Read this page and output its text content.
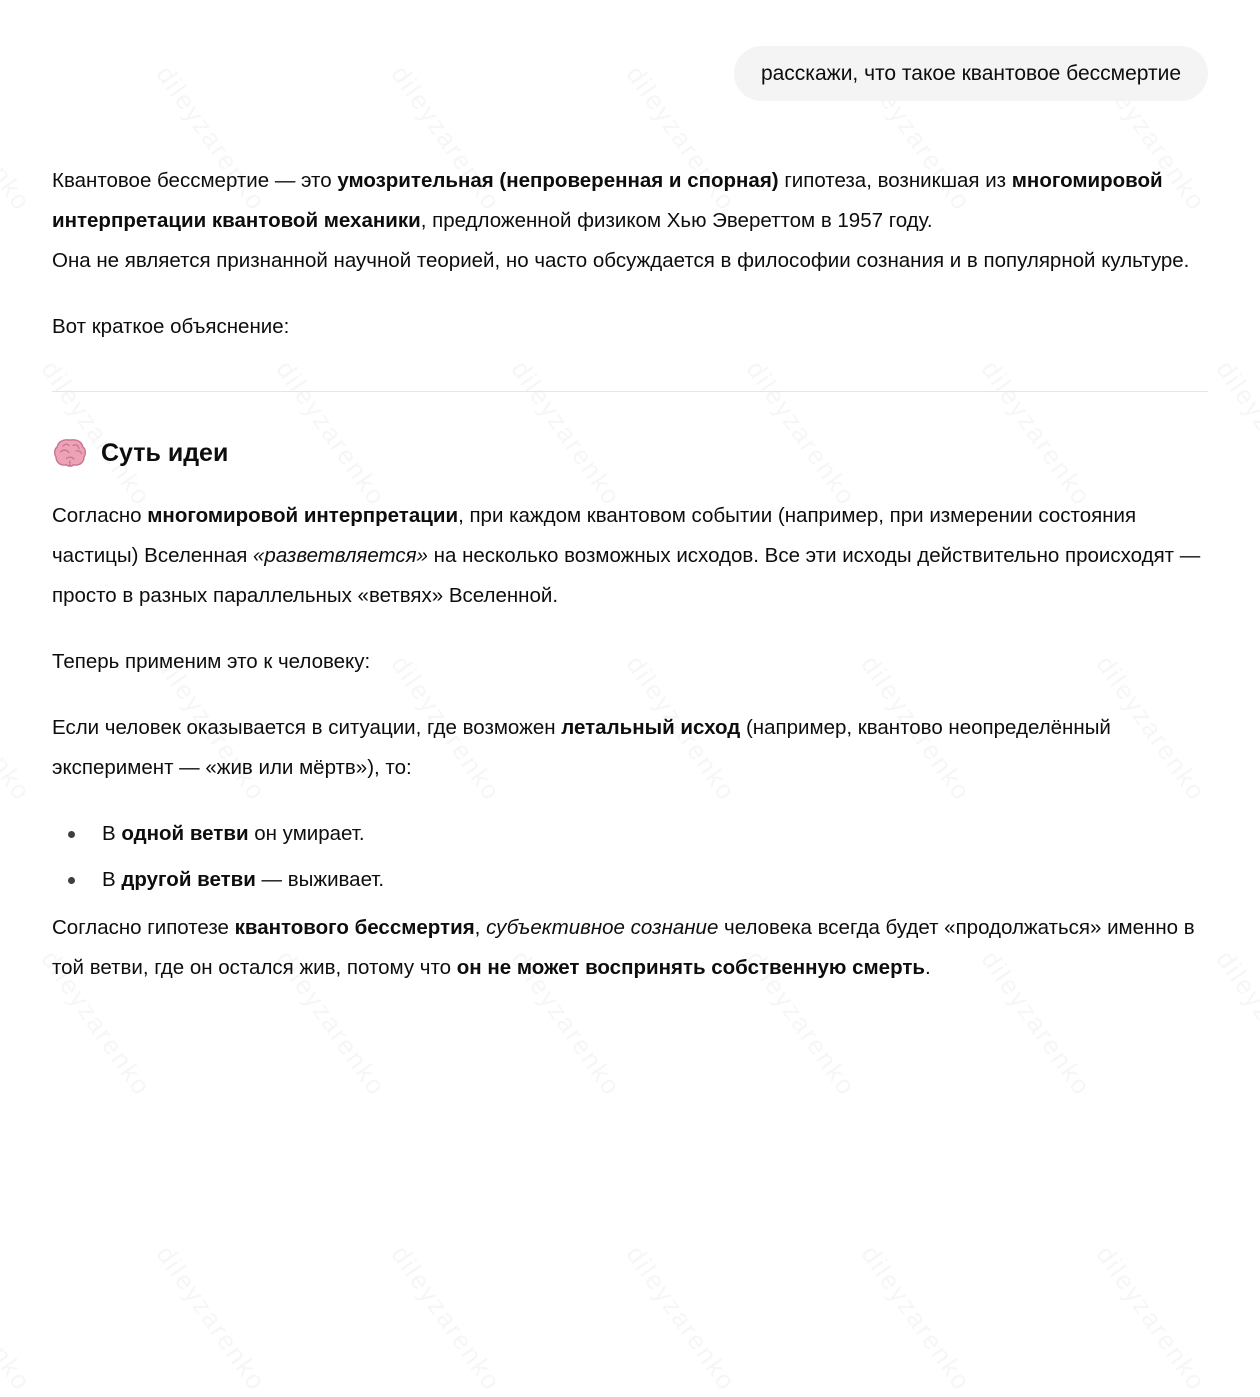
расскажи, что такое квантовое бессмертие

Квантовое бессмертие — это умозрительная (непроверенная и спорная) гипотеза, возникшая из многомировой интерпретации квантовой механики, предложенной физиком Хью Эвереттом в 1957 году.
Она не является признанной научной теорией, но часто обсуждается в философии сознания и в популярной культуре.

Вот краткое объяснение:

Суть идеи

Согласно многомировой интерпретации, при каждом квантовом событии (например, при измерении состояния частицы) Вселенная «разветвляется» на несколько возможных исходов. Все эти исходы действительно происходят — просто в разных параллельных «ветвях» Вселенной.

Теперь применим это к человеку:

Если человек оказывается в ситуации, где возможен летальный исход (например, квантово неопределённый эксперимент — «жив или мёртв»), то:

В одной ветви он умирает.
В другой ветви — выживает.

Согласно гипотезе квантового бессмертия, субъективное сознание человека всегда будет «продолжаться» именно в той ветви, где он остался жив, потому что он не может воспринять собственную смерть.
